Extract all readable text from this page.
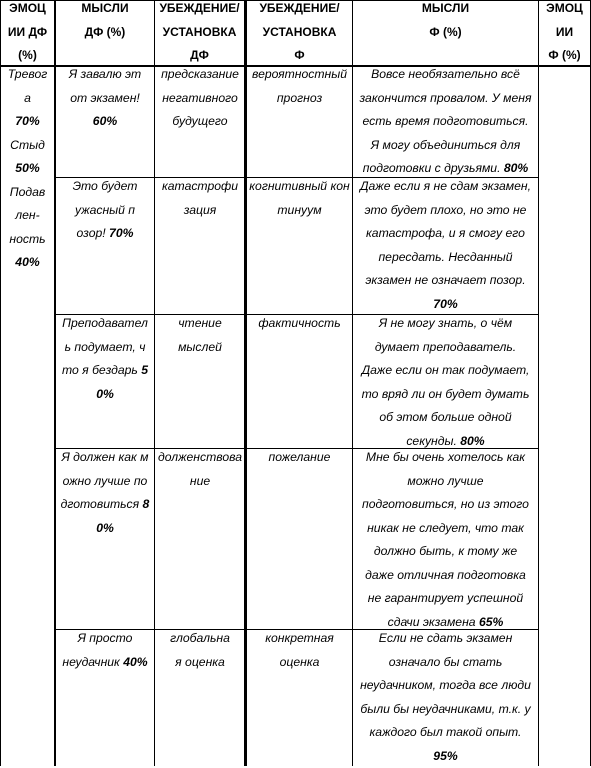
ЭМОЦ
ИИ ДФ
(%)
МЫСЛИ
ДФ (%)
УБЕЖДЕНИЕ/
УСТАНОВКА
ДФ
УБЕЖДЕНИЕ/
УСТАНОВКА
Ф
МЫСЛИ
Ф (%)
ЭМОЦ
ИИ
Ф (%)
Тревог
а
70%
Стыд
50%
Подав
лен-
ность
40%
Я завалю этот экзамен! 60%
предсказание негативного будущего
вероятностный прогноз
Вовсе необязательно всё закончится провалом. У меня есть время подготовиться. Я могу объединиться для подготовки с друзьями. 80%
Это будет ужасный позор! 70%
катастрофизация
когнитивный континуум
Даже если я не сдам экзамен, это будет плохо, но это не катастрофа, и я смогу его пересдать. Несданный экзамен не означает позор. 70%
Преподаватель подумает, что я бездарь 50%
чтение мыслей
фактичность	Я не могу знать, о чём думает преподаватель. Даже если он так подумает, то вряд ли он будет думать об этом больше одной секунды. 80%
Я должен как можно лучше подготовиться 80%
долженствование
пожелание	Мне бы очень хотелось как можно лучше подготовиться, но из этого никак не следует, что так должно быть, к тому же даже отличная подготовка не гарантирует успешной сдачи экзамена 65%
Я просто неудачник 40%
глобальная оценка
конкретная оценка
Если не сдать экзамен означало бы стать неудачником, тогда все люди были бы неудачниками, т.к. у каждого был такой опыт. 95%
